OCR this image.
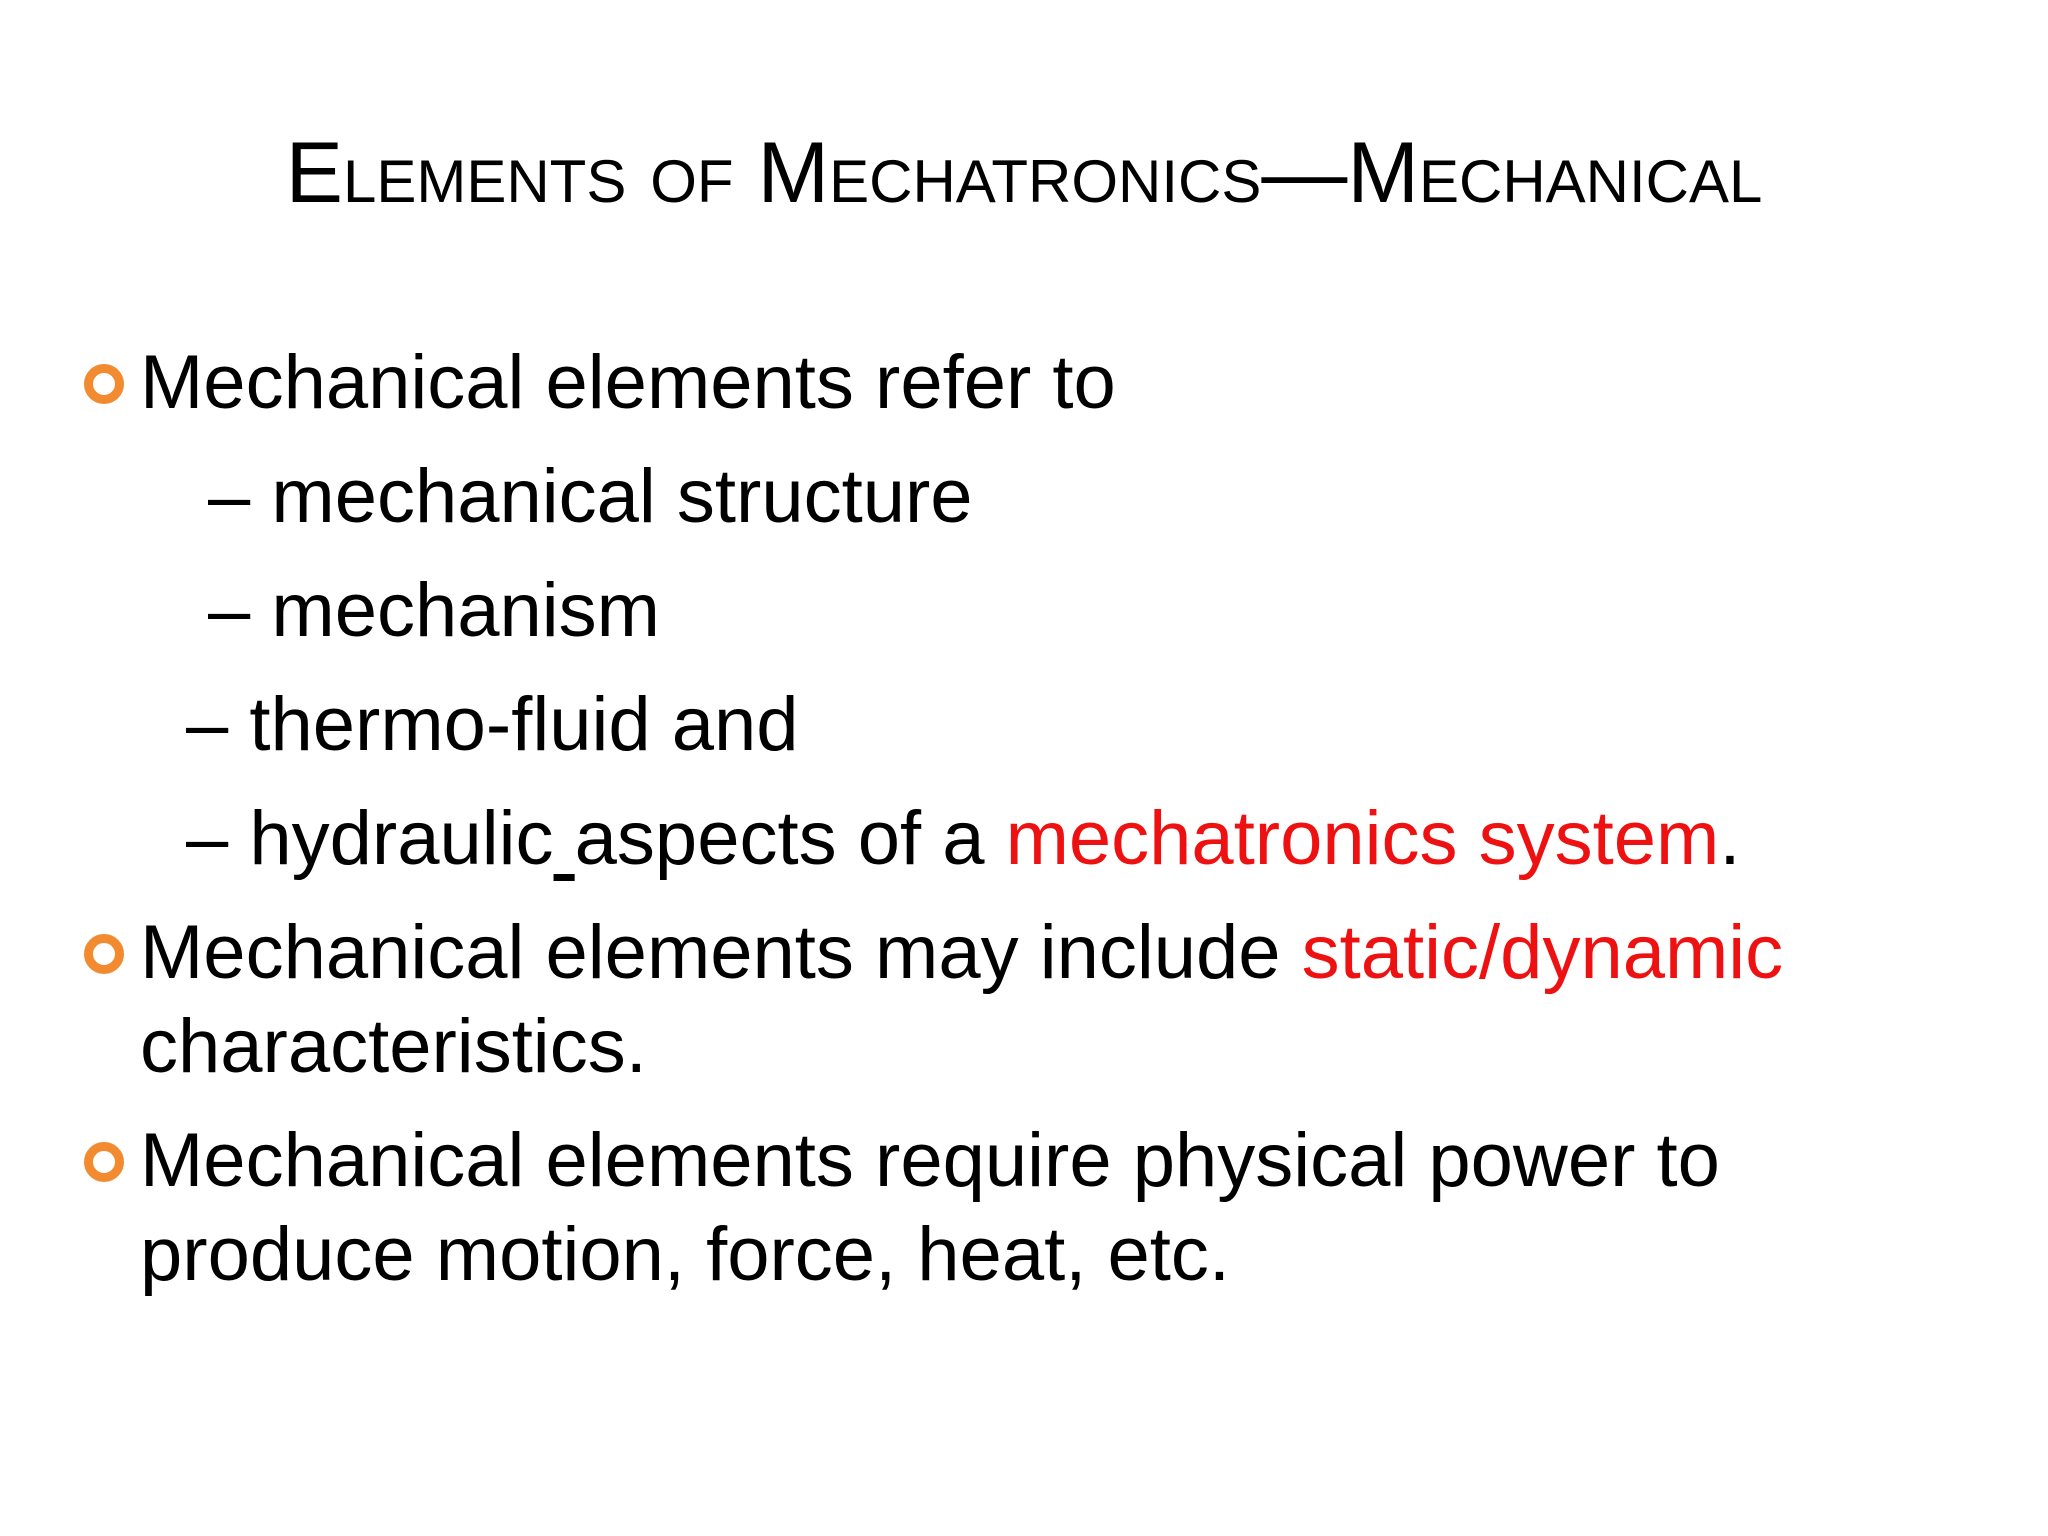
Elements of Mechatronics—Mechanical
Mechanical elements refer to
– mechanical structure
– mechanism
– thermo-fluid and
– hydraulic aspects of a mechatronics system.
Mechanical elements may include static/dynamic characteristics.
Mechanical elements require physical power to produce motion, force, heat, etc.
